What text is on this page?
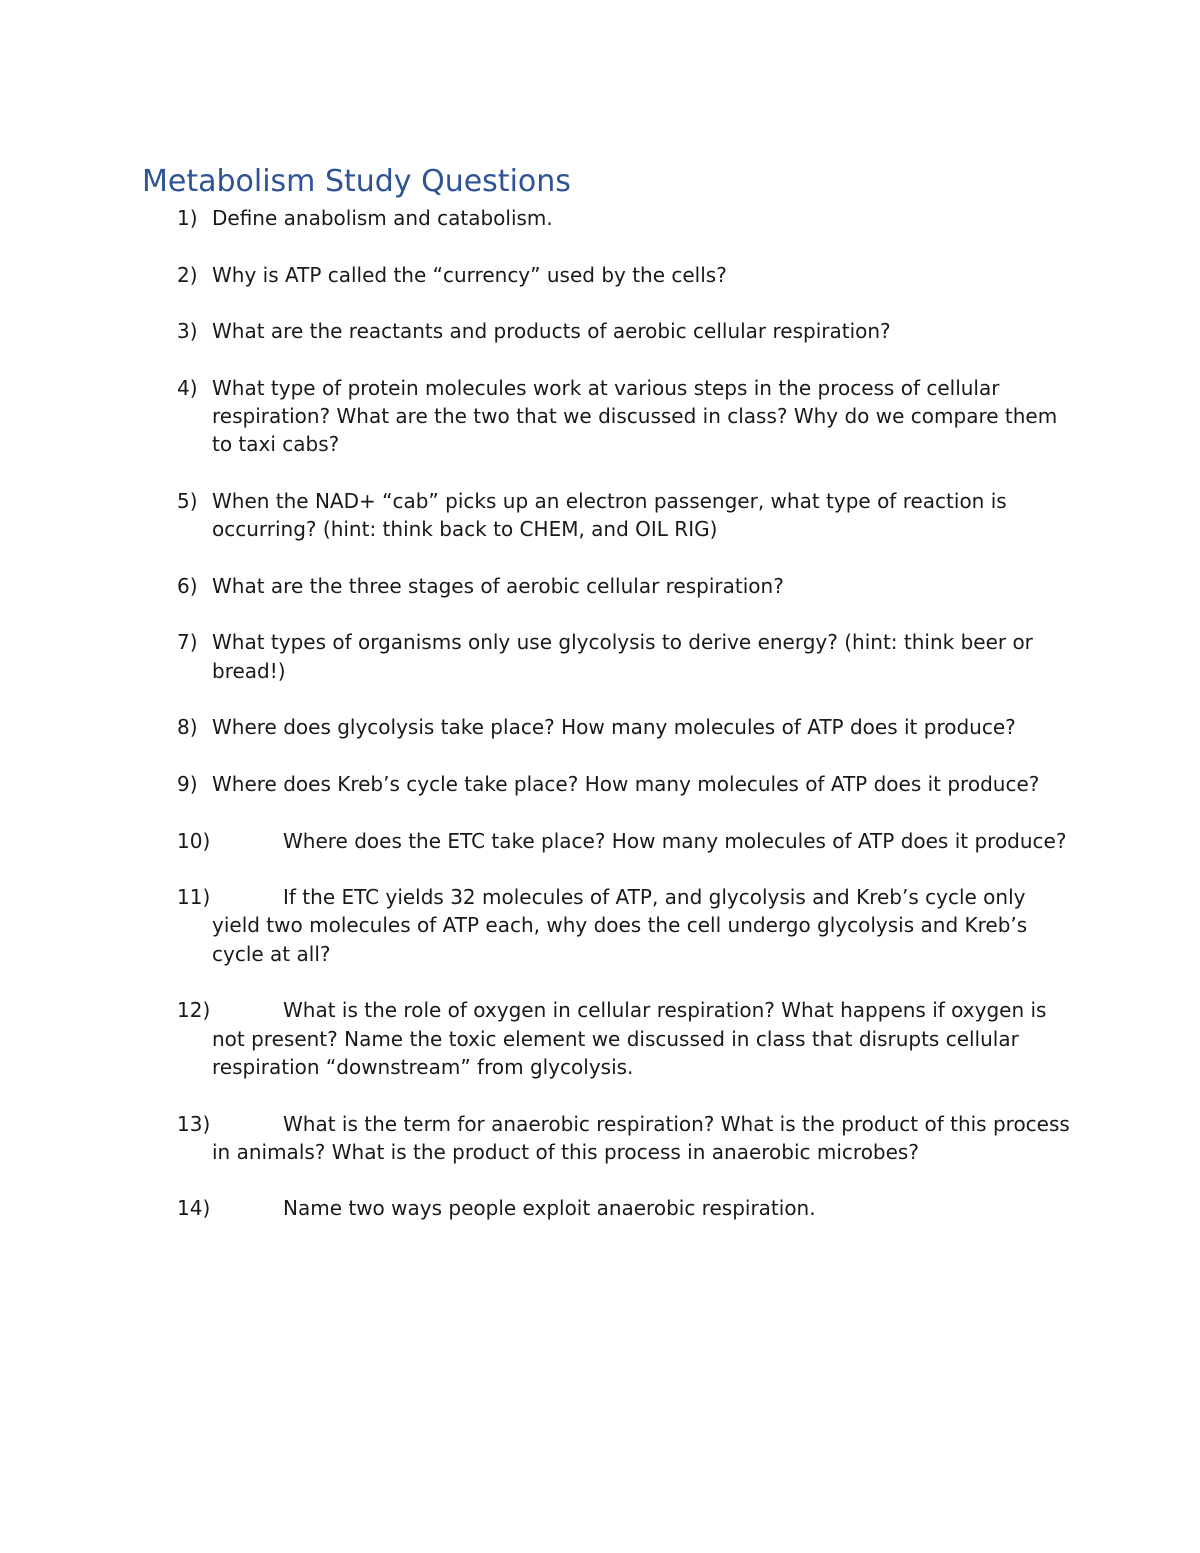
Metabolism Study Questions
1) Define anabolism and catabolism.
2) Why is ATP called the “currency” used by the cells?
3) What are the reactants and products of aerobic cellular respiration?
4) What type of protein molecules work at various steps in the process of cellular respiration? What are the two that we discussed in class? Why do we compare them to taxi cabs?
5) When the NAD+ “cab” picks up an electron passenger, what type of reaction is occurring? (hint: think back to CHEM, and OIL RIG)
6) What are the three stages of aerobic cellular respiration?
7) What types of organisms only use glycolysis to derive energy? (hint: think beer or bread!)
8) Where does glycolysis take place? How many molecules of ATP does it produce?
9) Where does Kreb’s cycle take place? How many molecules of ATP does it produce?
10)	Where does the ETC take place? How many molecules of ATP does it produce?
11)	If the ETC yields 32 molecules of ATP, and glycolysis and Kreb’s cycle only yield two molecules of ATP each, why does the cell undergo glycolysis and Kreb’s cycle at all?
12)	What is the role of oxygen in cellular respiration? What happens if oxygen is not present? Name the toxic element we discussed in class that disrupts cellular respiration “downstream” from glycolysis.
13)	What is the term for anaerobic respiration? What is the product of this process in animals? What is the product of this process in anaerobic microbes?
14)	Name two ways people exploit anaerobic respiration.
